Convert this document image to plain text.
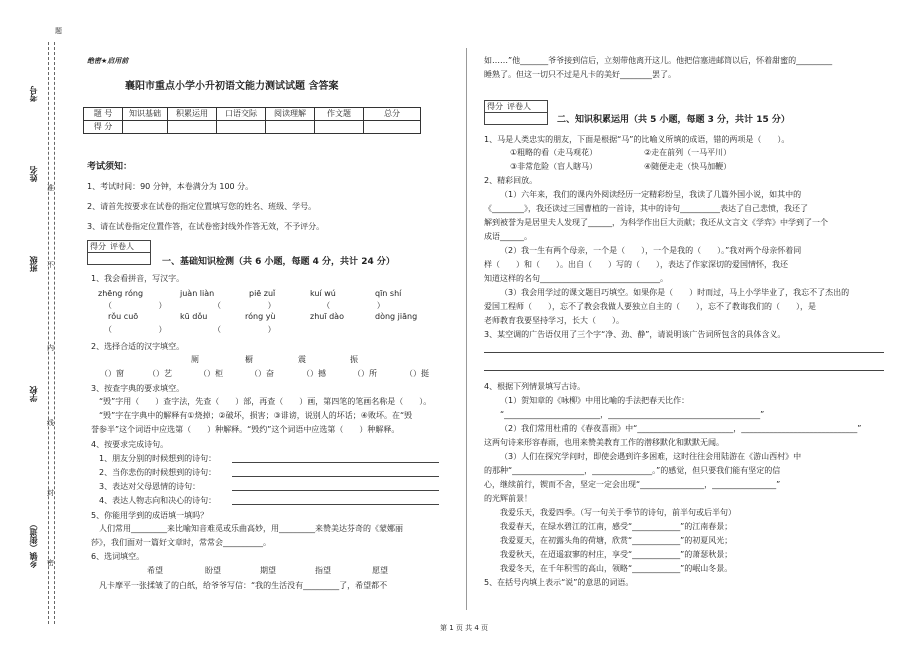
题
考号
姓名
准
班级 不
内
学校
线
封
乡镇（街道） 密
绝密★启用前
襄阳市重点小学小升初语文能力测试试题 含答案
题 号	知识基础	积累运用	口语交际	阅读理解	作文题	总分
得 分						
考试须知：
1、考试时间：90 分钟，本卷满分为 100 分。
2、请首先按要求在试卷的指定位置填写您的姓名、班级、学号。
3、请在试卷指定位置作答，在试卷密封线外作答无效，不予评分。
得分 评卷人
一、基础知识检测（共 6 小题，每题 4 分，共计 24 分）
1、我会看拼音，写汉字。
zhēng róng	juàn liàn	piē zuǐ	kuí wú	qīn shí
（	）	（	）	（	）
rǒu cuō	kū dǒu	róng yù	zhuī dào	dòng jiāng
（	）	（	）
2、选择合适的汉字填空。
厕	橱	震	振
（）窗	（）艺	（）柜	（）奋	（）撼	（）所	（）挺
3、按查字典的要求填空。
“毁”字用（　　）查字法，先查（　　）部，再查（　　）画，第四笔的笔画名称是（　　）。
“毁”字在字典中的解释有①烧掉；②破坏，损害；③诽谤，说别人的坏话；④败坏。在“毁
誉参半”这个词语中应选第（　　）种解释。“毁约”这个词语中应选第（　　）种解释。
4、按要求完成诗句。
1、朋友分别的时候想到的诗句：
2、当你悲伤的时候想到的诗句：
3、表达对父母恩情的诗句：
4、表达人物志向和决心的诗句：
5、你能用学到的成语填一填吗？
人们常用_________来比喻知音难觅或乐曲高妙，用_________来赞美达芬奇的《蒙娜丽
莎》，我们面对一篇好文章时，常常会__________。
6、选词填空。
希望	盼望	期望	指望	愿望
凡卡摩平一张揉皱了的白纸，给爷爷写信：“我的生活没有_________了，希望都不
如……”他_______爷爷接到信后，立刻带他离开这儿。他把信塞进邮筒以后，怀着甜蜜的_________
睡熟了。但这一切只不过是凡卡的美好________罢了。
得分 评卷人
二、知识积累运用（共 5 小题，每题 3 分，共计 15 分）
1、马是人类忠实的朋友，下面是根据“马”的比喻义所填的成语，错的两项是（　　）。
①粗略的看（走马观花）	②走在前列（一马平川）
③非常危险（盲人瞎马）	④随便走走（快马加鞭）
2、精彩回放。
（1）六年来，我们的课内外阅读经历一定精彩纷呈，我读了几篇外国小说，如其中的
《________》，我还读过三国曹植的一首诗，其中的诗句__________表达了自己悲愤，我还了
解到被誉为是居里夫人发现了______，为科学作出巨大贡献；我还从文言文《学弈》中学到了一个
成语______。
（2）我一生有两个母亲，一个是（　　），一个是我的（　　）。”我对两个母亲怀着同
样（　　）和（　　）。出自（　　）写的（　　），表达了作家深切的爱国情怀，我还
知道这样的名句______________________________。
（3）我会用学过的课文题目巧填空。如果你是（　　）时而过，马上小学毕业了，我忘不了杰出的
爱国工程师（　　），忘不了教会我做人要独立自主的（　　），忘不了教诲我们的（　　），是
老师教育我要坚持学习，长大（　　）。
3、某空调的广告语仅用了三个字“净、劲、静”，请说明该广告词所包含的具体含义。
4、根据下列情景填写古诗。
（1）贺知章的《咏柳》中用比喻的手法把春天比作：
“________________________，______________________________________”
（2）我们常用杜甫的《春夜喜雨》中“________________________，_____________________________”
这两句诗来形容春雨，也用来赞美教育工作的潜移默化和默默无闻。
（3）人们在探究学问时，即使会遇到许多困难，这时往往会用陆游在《游山西村》中
的那种“__________________，_______________。”的感觉，但只要我们能有坚定的信
心，继续前行，锲而不舍，坚定一定会出现“________________，________________”
的光辉前景！
我爱乐天，我爱四季。（写一句关于季节的诗句，前半句或后半句）
我爱春天，在绿水碧江的江南，感受“____________”的江南春景；
我爱夏天，在初露头角的荷塘，欣赏“____________”的初夏风光；
我爱秋天，在迢遥寂寥的村庄，享受“____________”的萧瑟秋景；
我爱冬天，在千年积雪的高山，领略“____________”的岷山冬景。
5、在括号内填上表示“说”的意思的词语。
第 1 页 共 4 页
